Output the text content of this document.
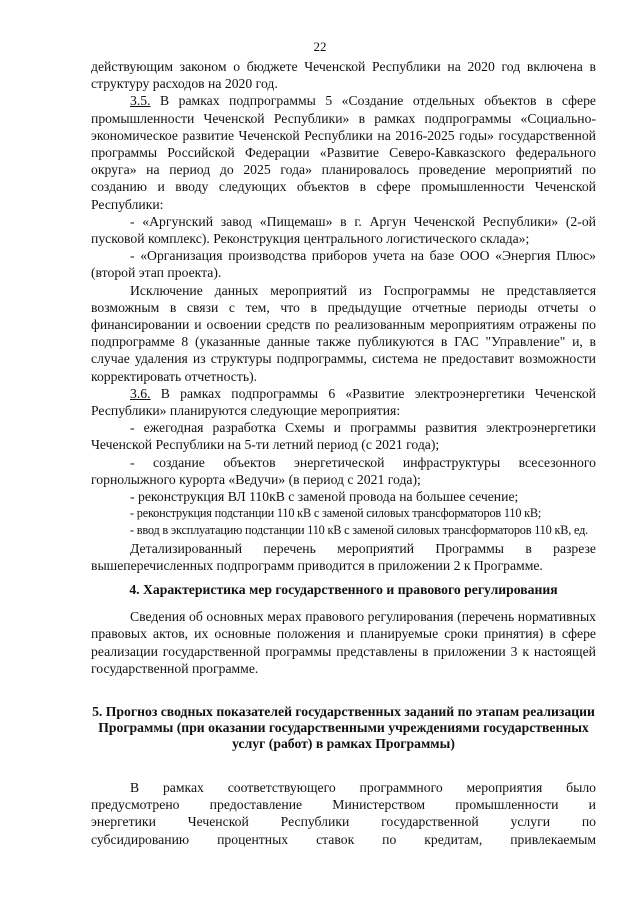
22

действующим законом о бюджете Чеченской Республики на 2020 год включена в структуру расходов на 2020 год.

3.5. В рамках подпрограммы 5 «Создание отдельных объектов в сфере промышленности Чеченской Республики» в рамках подпрограммы «Социально-экономическое развитие Чеченской Республики на 2016-2025 годы» государственной программы Российской Федерации «Развитие Северо-Кавказского федерального округа» на период до 2025 года» планировалось проведение мероприятий по созданию и вводу следующих объектов в сфере промышленности Чеченской Республики:

- «Аргунский завод «Пищемаш» в г. Аргун Чеченской Республики» (2-ой пусковой комплекс). Реконструкция центрального логистического склада»;

- «Организация производства приборов учета на базе ООО «Энергия Плюс» (второй этап проекта).

Исключение данных мероприятий из Госпрограммы не представляется возможным в связи с тем, что в предыдущие отчетные периоды отчеты о финансировании и освоении средств по реализованным мероприятиям отражены по подпрограмме 8 (указанные данные также публикуются в ГАС "Управление" и, в случае удаления из структуры подпрограммы, система не предоставит возможности корректировать отчетность).

3.6. В рамках подпрограммы 6 «Развитие электроэнергетики Чеченской Республики» планируются следующие мероприятия:

- ежегодная разработка Схемы и программы развития электроэнергетики Чеченской Республики на 5-ти летний период (с 2021 года);

- создание объектов энергетической инфраструктуры всесезонного горнолыжного курорта «Ведучи» (в период с 2021 года);

- реконструкция ВЛ 110кВ с заменой провода на большее сечение;

- реконструкция подстанции 110 кВ с заменой силовых трансформаторов 110 кВ;

- ввод в эксплуатацию подстанции 110 кВ с заменой силовых трансформаторов 110 кВ, ед.

Детализированный перечень мероприятий Программы в разрезе вышеперечисленных подпрограмм приводится в приложении 2 к Программе.

4. Характеристика мер государственного и правового регулирования

Сведения об основных мерах правового регулирования (перечень нормативных правовых актов, их основные положения и планируемые сроки принятия) в сфере реализации государственной программы представлены в приложении 3 к настоящей государственной программе.

5. Прогноз сводных показателей государственных заданий по этапам реализации Программы (при оказании государственными учреждениями государственных услуг (работ) в рамках Программы)

В рамках соответствующего программного мероприятия было

предусмотрено предоставление Министерством промышленности и

энергетики Чеченской Республики государственной услуги по

субсидированию процентных ставок по кредитам, привлекаемым
